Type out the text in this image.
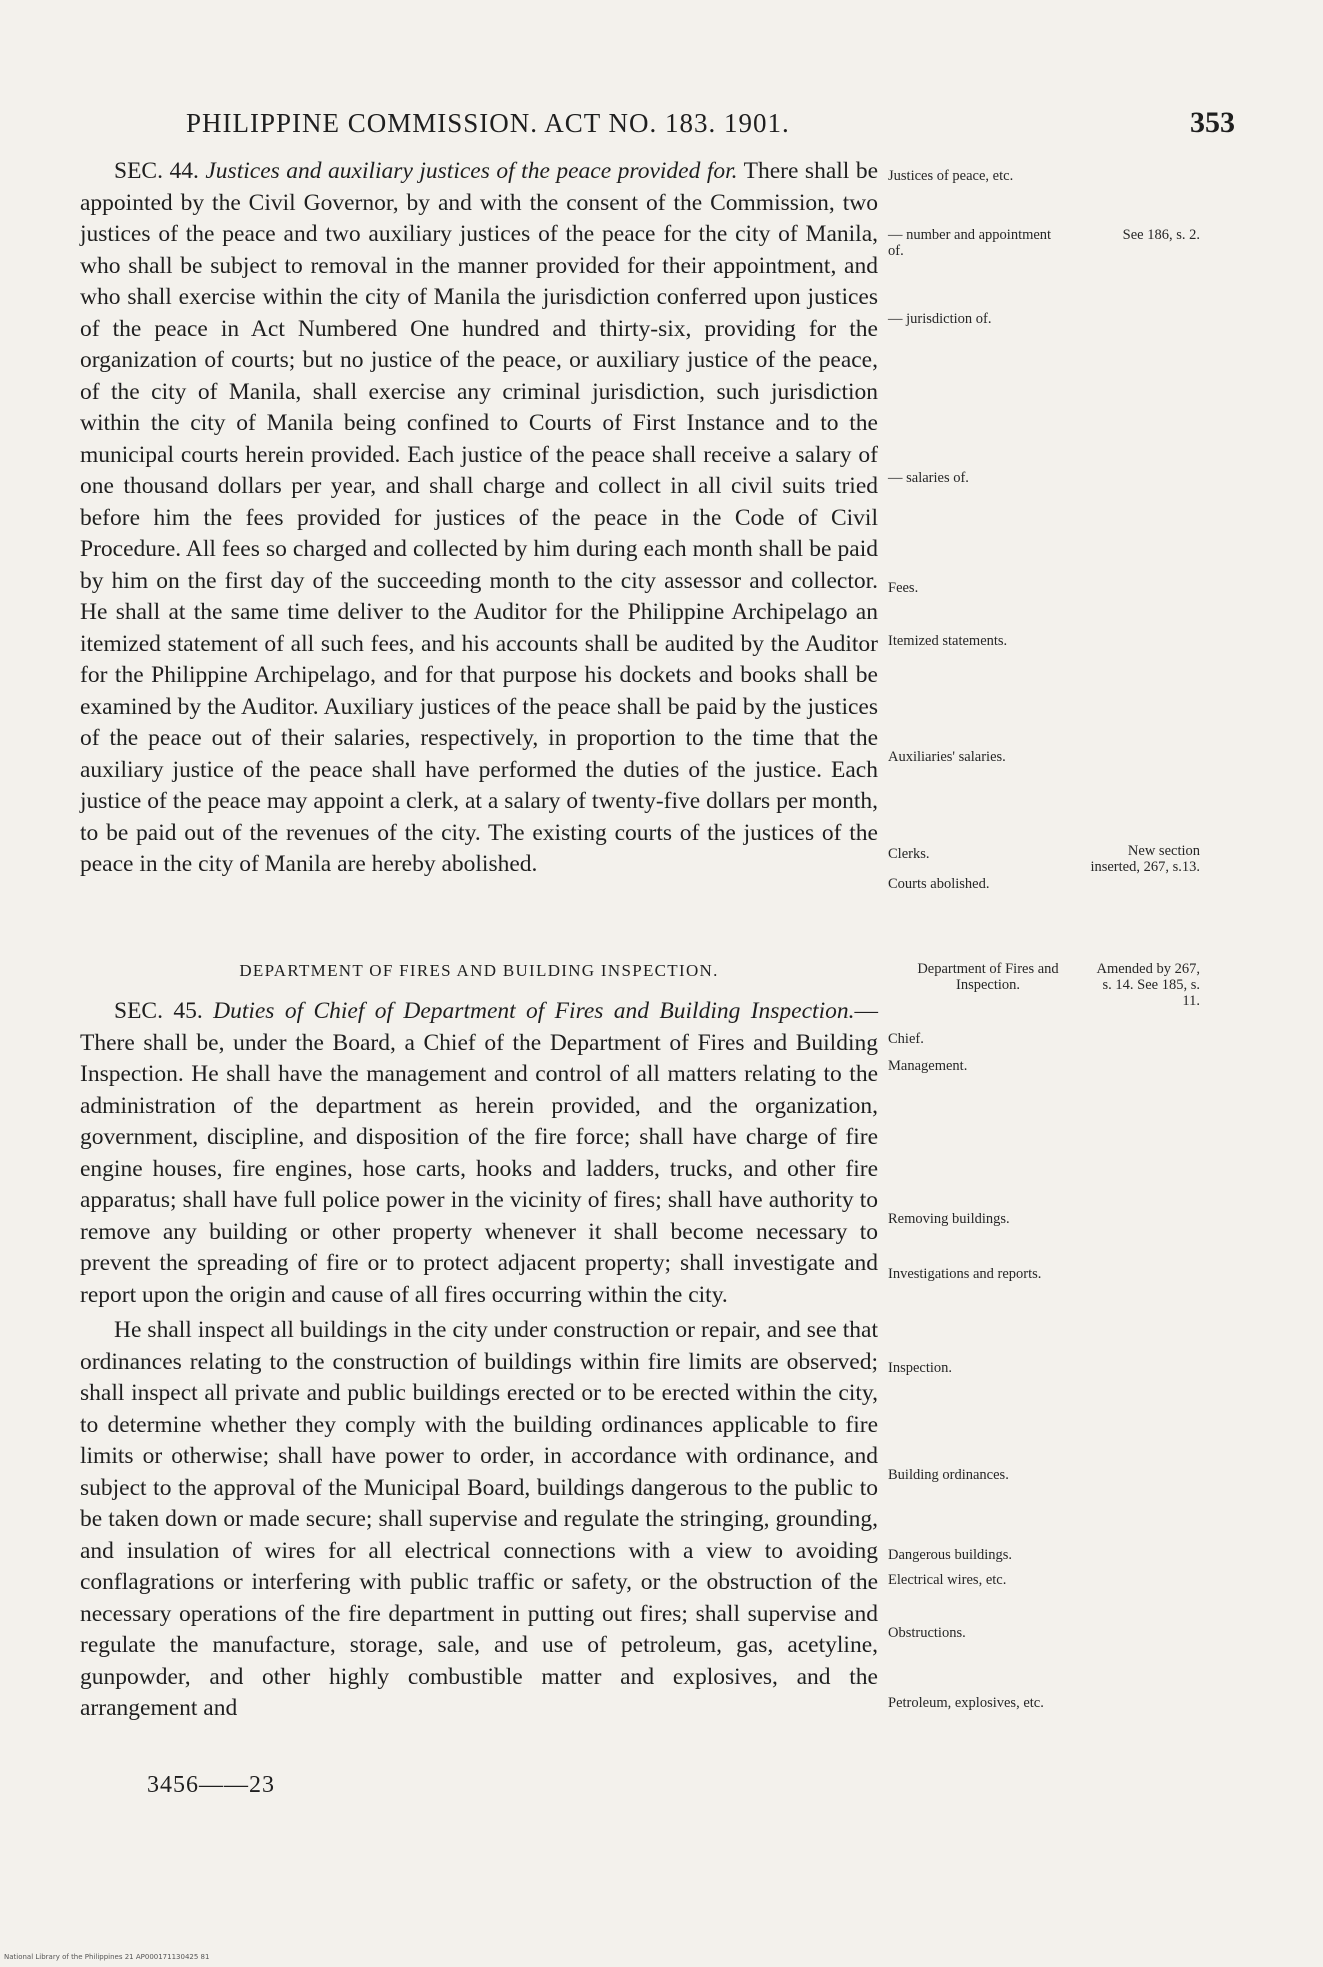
PHILIPPINE COMMISSION. ACT NO. 183. 1901.	353

SEC. 44. Justices and auxiliary justices of the peace provided for. There shall be appointed by the Civil Governor, by and with the consent of the Commission, two justices of the peace and two auxiliary justices of the peace for the city of Manila, who shall be subject to removal in the manner provided for their appointment, and who shall exercise within the city of Manila the jurisdiction conferred upon justices of the peace in Act Numbered One hundred and thirty-six, providing for the organization of courts; but no justice of the peace, or auxiliary justice of the peace, of the city of Manila, shall exercise any criminal jurisdiction, such jurisdiction within the city of Manila being confined to Courts of First Instance and to the municipal courts herein provided. Each justice of the peace shall receive a salary of one thousand dollars per year, and shall charge and collect in all civil suits tried before him the fees provided for justices of the peace in the Code of Civil Procedure. All fees so charged and collected by him during each month shall be paid by him on the first day of the succeeding month to the city assessor and collector. He shall at the same time deliver to the Auditor for the Philippine Archipelago an itemized statement of all such fees, and his accounts shall be audited by the Auditor for the Philippine Archipelago, and for that purpose his dockets and books shall be examined by the Auditor. Auxiliary justices of the peace shall be paid by the justices of the peace out of their salaries, respectively, in proportion to the time that the auxiliary justice of the peace shall have performed the duties of the justice. Each justice of the peace may appoint a clerk, at a salary of twenty-five dollars per month, to be paid out of the revenues of the city. The existing courts of the justices of the peace in the city of Manila are hereby abolished.

DEPARTMENT OF FIRES AND BUILDING INSPECTION.

SEC. 45. Duties of Chief of Department of Fires and Building Inspection.—There shall be, under the Board, a Chief of the Department of Fires and Building Inspection. He shall have the management and control of all matters relating to the administration of the department as herein provided, and the organization, government, discipline, and disposition of the fire force; shall have charge of fire engine houses, fire engines, hose carts, hooks and ladders, trucks, and other fire apparatus; shall have full police power in the vicinity of fires; shall have authority to remove any building or other property whenever it shall become necessary to prevent the spreading of fire or to protect adjacent property; shall investigate and report upon the origin and cause of all fires occurring within the city.

He shall inspect all buildings in the city under construction or repair, and see that ordinances relating to the construction of buildings within fire limits are observed; shall inspect all private and public buildings erected or to be erected within the city, to determine whether they comply with the building ordinances applicable to fire limits or otherwise; shall have power to order, in accordance with ordinance, and subject to the approval of the Municipal Board, buildings dangerous to the public to be taken down or made secure; shall supervise and regulate the stringing, grounding, and insulation of wires for all electrical connections with a view to avoiding conflagrations or interfering with public traffic or safety, or the obstruction of the necessary operations of the fire department in putting out fires; shall supervise and regulate the manufacture, storage, sale, and use of petroleum, gas, acetyline, gunpowder, and other highly combustible matter and explosives, and the arrangement and

Justices of peace, etc.
— number and appointment of.
— jurisdiction of.
— salaries of.
Fees.
Itemized statements.
Auxiliaries' salaries.
Clerks.
Courts abolished.
Department of Fires and Inspection.
Chief.
Management.
Removing buildings.
Investigations and reports.
Inspection.
Building ordinances.
Dangerous buildings.
Electrical wires, etc.
Obstructions.
Petroleum, explosives, etc.
See 186, s. 2.
New section inserted, 267, s.13.
Amended by 267, s. 14. See 185, s. 11.
3456——23
National Library of the Philippines 21 AP000171130425 81
